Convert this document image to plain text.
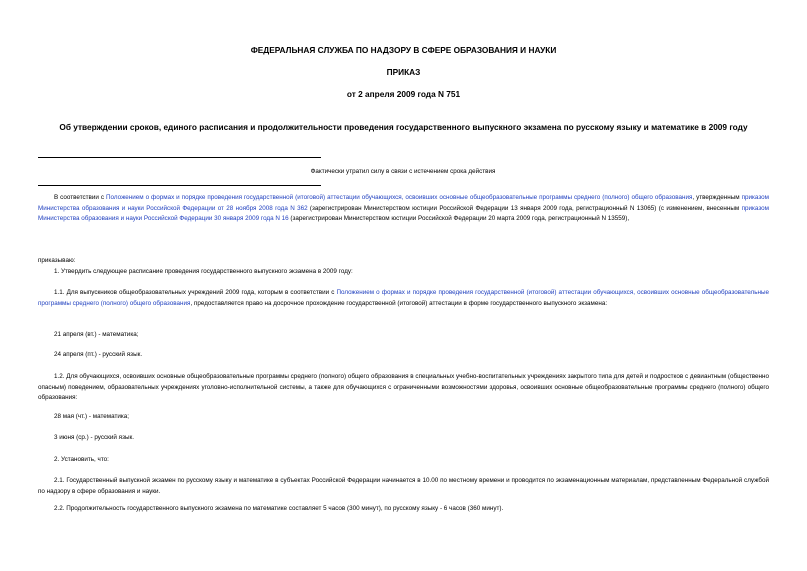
ФЕДЕРАЛЬНАЯ СЛУЖБА ПО НАДЗОРУ В СФЕРЕ ОБРАЗОВАНИЯ И НАУКИ
ПРИКАЗ
от 2 апреля 2009 года N 751
Об утверждении сроков, единого расписания и продолжительности проведения государственного выпускного экзамена по русскому языку и математике в 2009 году
Фактически утратил силу в связи с истечением срока действия

В соответствии с Положением о формах и порядке проведения государственной (итоговой) аттестации обучающихся, освоивших основные общеобразовательные программы среднего (полного) общего образования, утвержденным приказом Министерства образования и науки Российской Федерации от 28 ноября 2008 года N 362 (зарегистрирован Министерством юстиции Российской Федерации 13 января 2009 года, регистрационный N 13065) (с изменением, внесенным приказом Министерства образования и науки Российской Федерации 30 января 2009 года N 16 (зарегистрирован Министерством юстиции Российской Федерации 20 марта 2009 года, регистрационный N 13559),

приказываю:

1. Утвердить следующее расписание проведения государственного выпускного экзамена в 2009 году:

1.1. Для выпускников общеобразовательных учреждений 2009 года, которым в соответствии с Положением о формах и порядке проведения государственной (итоговой) аттестации обучающихся, освоивших основные общеобразовательные программы среднего (полного) общего образования, предоставляется право на досрочное прохождение государственной (итоговой) аттестации в форме государственного выпускного экзамена:

21 апреля (вт.) - математика;

24 апреля (пт.) - русский язык.

1.2. Для обучающихся, освоивших основные общеобразовательные программы среднего (полного) общего образования в специальных учебно-воспитательных учреждениях закрытого типа для детей и подростков с девиантным (общественно опасным) поведением, образовательных учреждениях уголовно-исполнительной системы, а также для обучающихся с ограниченными возможностями здоровья, освоивших основные общеобразовательные программы среднего (полного) общего образования:

28 мая (чт.) - математика;

3 июня (ср.) - русский язык.

2. Установить, что:

2.1. Государственный выпускной экзамен по русскому языку и математике в субъектах Российской Федерации начинается в 10.00 по местному времени и проводится по экзаменационным материалам, представленным Федеральной службой по надзору в сфере образования и науки.

2.2. Продолжительность государственного выпускного экзамена по математике составляет 5 часов (300 минут), по русскому языку - 6 часов (360 минут).
